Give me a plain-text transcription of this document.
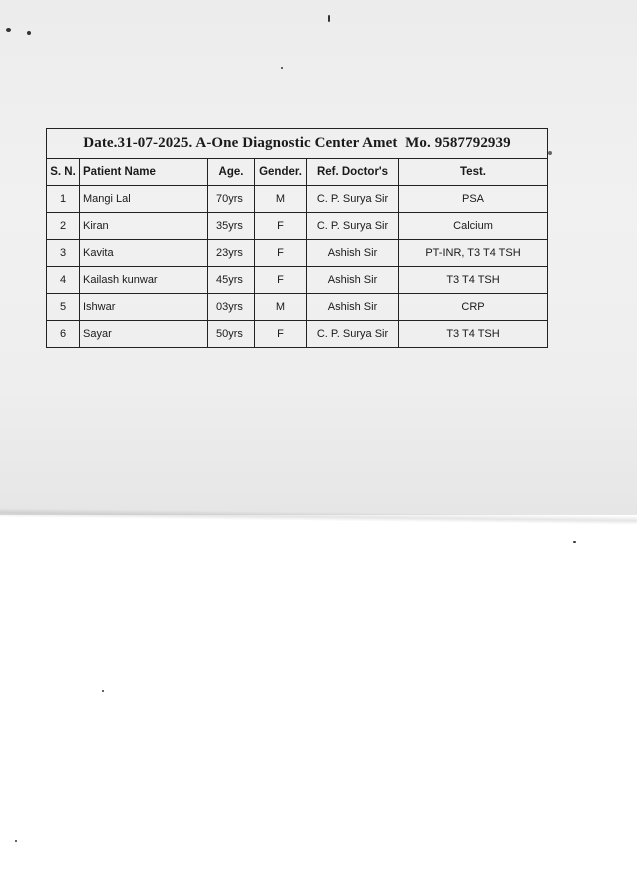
Date.31-07-2025. A-One Diagnostic Center Amet Mo. 9587792939					
S. N.	Patient Name	Age.	Gender.	Ref. Doctor's	Test.
1	Mangi Lal	70yrs	M	C. P. Surya Sir	PSA
2	Kiran	35yrs	F	C. P. Surya Sir	Calcium
3	Kavita	23yrs	F	Ashish Sir	PT-INR, T3 T4 TSH
4	Kailash kunwar	45yrs	F	Ashish Sir	T3 T4 TSH
5	Ishwar	03yrs	M	Ashish Sir	CRP
6	Sayar	50yrs	F	C. P. Surya Sir	T3 T4 TSH
